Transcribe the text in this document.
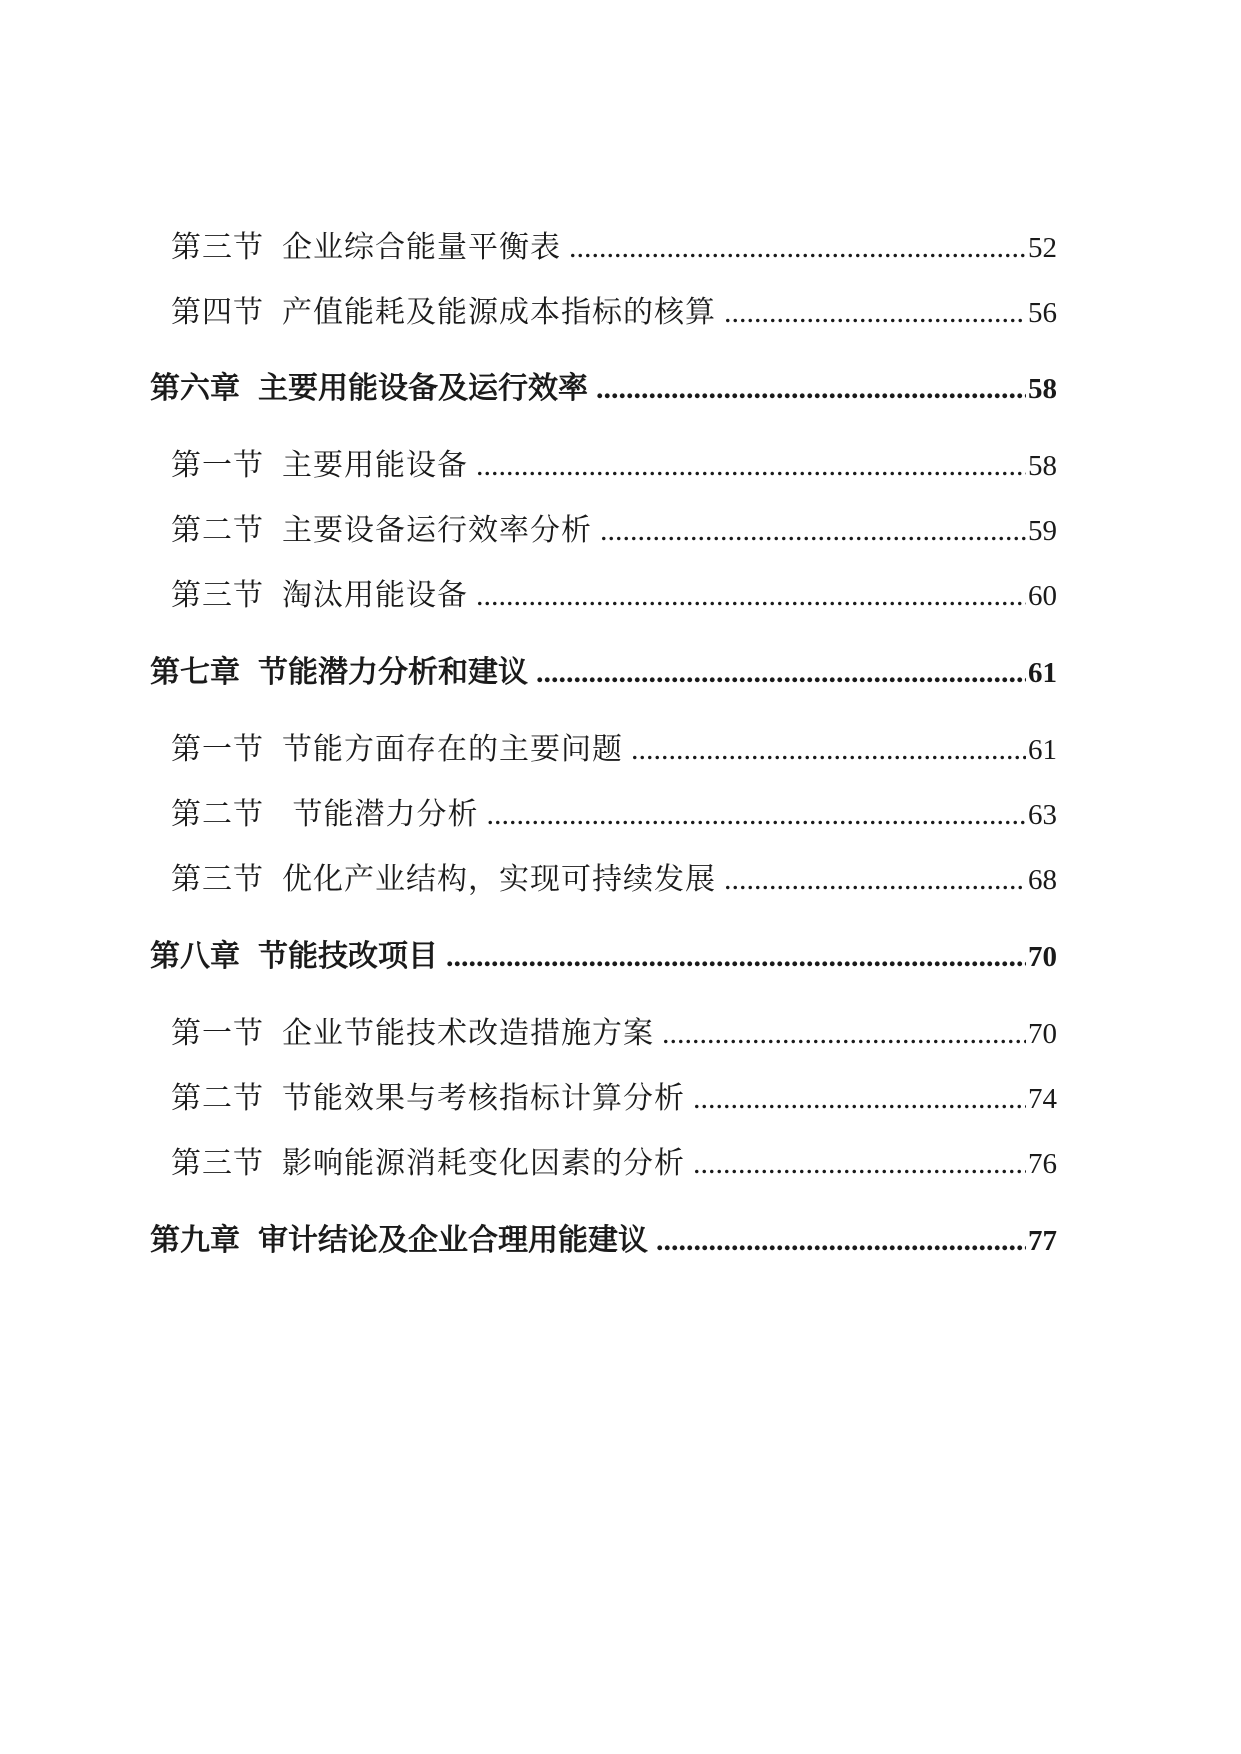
第三节 企业综合能量平衡表 .....	52
第四节 产值能耗及能源成本指标的核算 .....	56
第六章 主要用能设备及运行效率 .....	58
第一节 主要用能设备 .....	58
第二节 主要设备运行效率分析 .....	59
第三节 淘汰用能设备 .....	60
第七章 节能潜力分析和建议 .....	61
第一节 节能方面存在的主要问题 .....	61
第二节 节能潜力分析 .....	63
第三节 优化产业结构，实现可持续发展 .....	68
第八章 节能技改项目 .....	70
第一节 企业节能技术改造措施方案 .....	70
第二节 节能效果与考核指标计算分析 .....	74
第三节 影响能源消耗变化因素的分析 .....	76
第九章 审计结论及企业合理用能建议 .....	77
